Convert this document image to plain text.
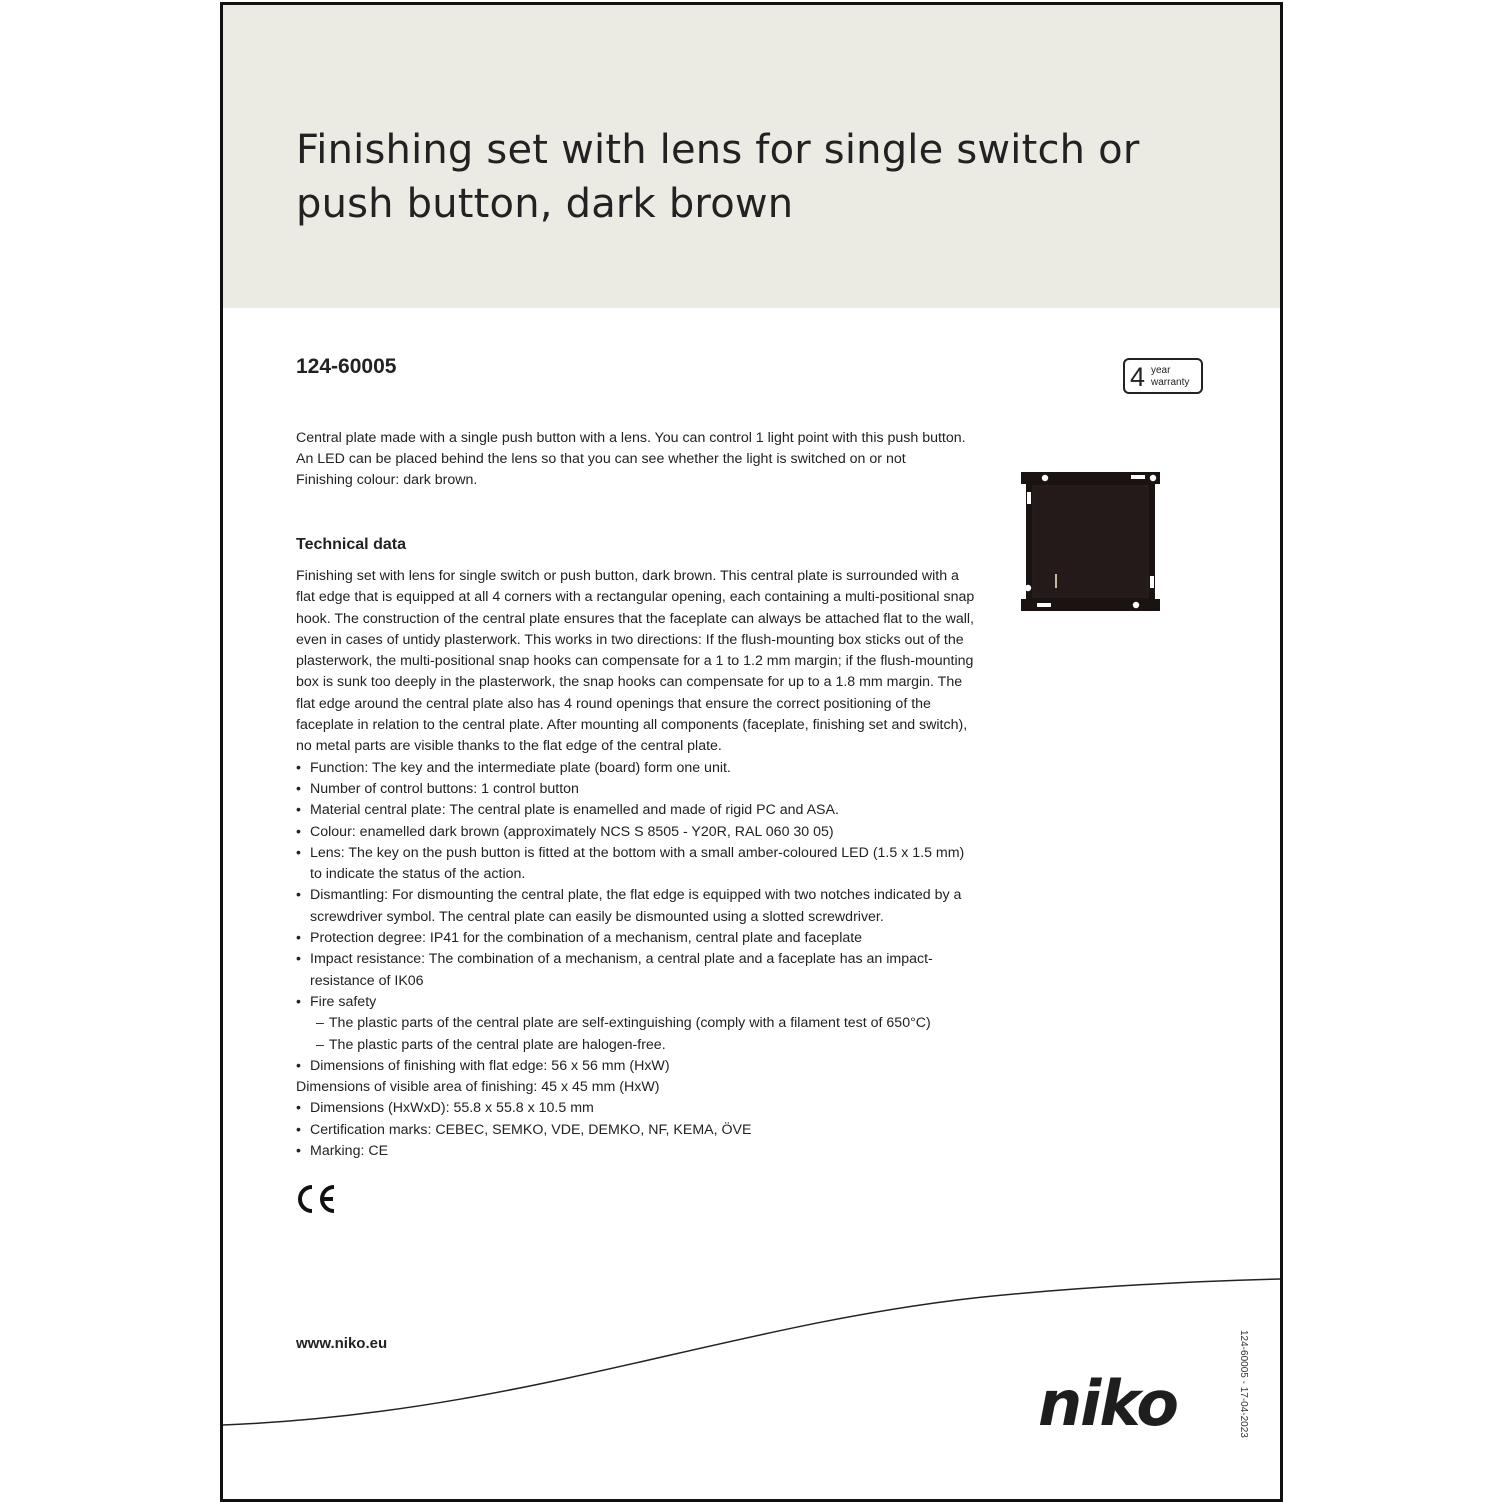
Finishing set with lens for single switch or push button, dark brown
124-60005	4 year
warranty

Central plate made with a single push button with a lens. You can control 1 light point with this push button. An LED can be placed behind the lens so that you can see whether the light is switched on or not Finishing colour: dark brown.

Technical data

Finishing set with lens for single switch or push button, dark brown. This central plate is surrounded with a flat edge that is equipped at all 4 corners with a rectangular opening, each containing a multi-positional snap hook. The construction of the central plate ensures that the faceplate can always be attached flat to the wall, even in cases of untidy plasterwork. This works in two directions: If the flush-mounting box sticks out of the plasterwork, the multi-positional snap hooks can compensate for a 1 to 1.2 mm margin; if the flush-mounting box is sunk too deeply in the plasterwork, the snap hooks can compensate for up to a 1.8 mm margin. The flat edge around the central plate also has 4 round openings that ensure the correct positioning of the faceplate in relation to the central plate. After mounting all components (faceplate, finishing set and switch), no metal parts are visible thanks to the flat edge of the central plate.

• Function: The key and the intermediate plate (board) form one unit.
• Number of control buttons: 1 control button
• Material central plate: The central plate is enamelled and made of rigid PC and ASA.
• Colour: enamelled dark brown (approximately NCS S 8505 - Y20R, RAL 060 30 05)
• Lens: The key on the push button is fitted at the bottom with a small amber-coloured LED (1.5 x 1.5 mm) to indicate the status of the action.
• Dismantling: For dismounting the central plate, the flat edge is equipped with two notches indicated by a screwdriver symbol. The central plate can easily be dismounted using a slotted screwdriver.
• Protection degree: IP41 for the combination of a mechanism, central plate and faceplate
• Impact resistance: The combination of a mechanism, a central plate and a faceplate has an impact-resistance of IK06
• Fire safety
– The plastic parts of the central plate are self-extinguishing (comply with a filament test of 650°C)
– The plastic parts of the central plate are halogen-free.
• Dimensions of finishing with flat edge: 56 x 56 mm (HxW)
Dimensions of visible area of finishing: 45 x 45 mm (HxW)
• Dimensions (HxWxD): 55.8 x 55.8 x 10.5 mm
• Certification marks: CEBEC, SEMKO, VDE, DEMKO, NF, KEMA, ÖVE
• Marking: CE
www.niko.eu
niko	124-60005 - 17-04-2023
